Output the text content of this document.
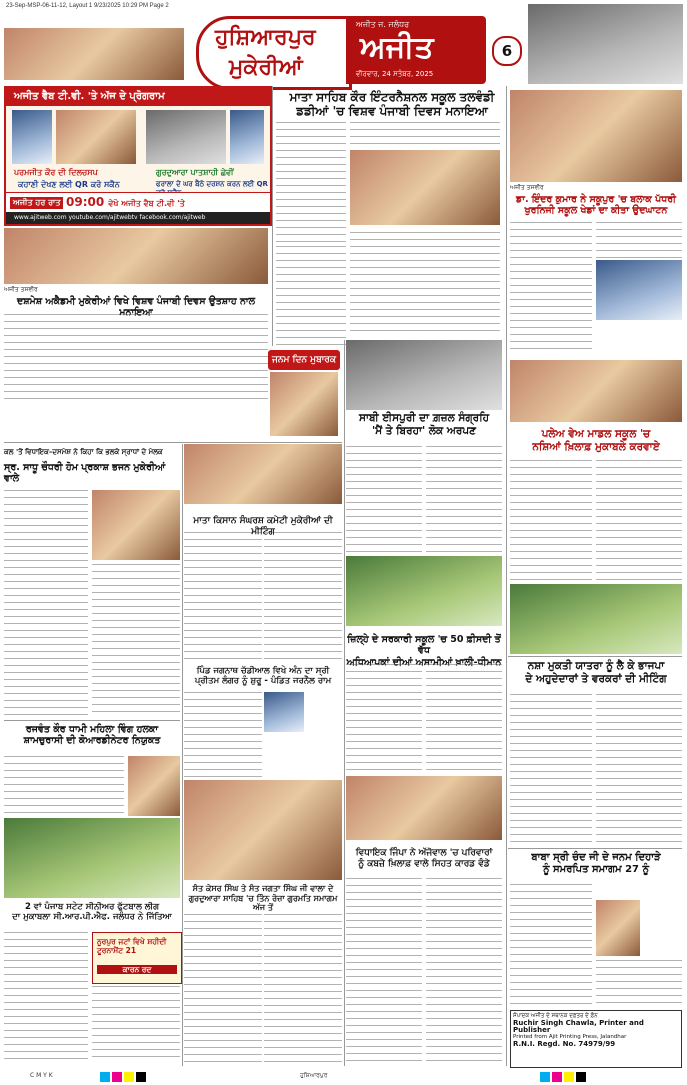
23-Sep-MSP-06-11-12, Layout 1 9/23/2025 10:29 PM Page 2
ਹੁਸ਼ਿਆਰਪੁਰ
ਮੁਕੇਰੀਆਂ
ਅਜੀਤ ਜ. ਜਲੰਧਰ
ਅਜੀਤ
ਵੀਰਵਾਰ, 24 ਸਤੰਬਰ, 2025
6
ਅਜੀਤ ਵੈਬ ਟੀ.ਵੀ. 'ਤੇ ਅੱਜ ਦੇ ਪ੍ਰੋਗਰਾਮ
ਪਰਮਜੀਤ ਕੌਰ ਦੀ ਦਿਲਚਸਪ
ਕਹਾਣੀ ਦੇਖਣ ਲਈ QR ਕਰੋ ਸਕੈਨ
ਗੁਰਦੁਆਰਾ ਪਾਤਸ਼ਾਹੀ ਛੇਵੀਂ
ਫਰਾਲਾ ਦੇ ਘਰ ਬੈਠੇ ਦਰਸ਼ਨ ਕਰਨ ਲਈ QR
ਅਜੀਤ ਹਰ ਰਾਤ 09:00 ਵੇਖੋ ਅਜੀਤ ਵੈਬ ਟੀ.ਵੀ 'ਤੇ
www.ajitweb.com youtube.com/ajitwebtv facebook.com/ajitweb
ਮਾਤਾ ਸਾਹਿਬ ਕੌਰ ਇੰਟਰਨੈਸ਼ਨਲ ਸਕੂਲ ਤਲਵੰਡੀ
ਡਡੀਆਂ 'ਚ ਵਿਸ਼ਵ ਪੰਜਾਬੀ ਦਿਵਸ ਮਨਾਇਆ
ਅਜੀਤ ਤਸਵੀਰ
ਡਾ. ਇੰਦਰ ਕੁਮਾਰ ਨੇ ਸਕੂਪੁਰ 'ਚ ਬਲਾਕ ਪੱਧਰੀ ਖੁਰਨਿਜੀ ਸਕੂਲ ਖੇਡਾਂ ਦਾ ਕੀਤਾ ਉਦਘਾਟਨ
ਪਲੇਅ ਵੇਅ ਮਾਡਲ ਸਕੂਲ 'ਚ
ਨਸ਼ਿਆਂ ਖ਼ਿਲਾਫ਼ ਮੁਕਾਬਲੇ ਕਰਵਾਏ
ਅਜੀਤ ਤਸਵੀਰ
ਦਸ਼ਮੇਸ਼ ਅਕੈਡਮੀ ਮੁਕੇਰੀਆਂ ਵਿਖੇ ਵਿਸ਼ਵ ਪੰਜਾਬੀ ਦਿਵਸ ਉਤਸ਼ਾਹ ਨਾਲ ਮਨਾਇਆ
ਜਨਮ ਦਿਨ ਮੁਬਾਰਕ
ਸਾਬੀ ਈਸਪੁਰੀ ਦਾ ਗ਼ਜ਼ਲ ਸੰਗ੍ਰਹਿ
'ਮੈਂ ਤੇ ਬਿਰਹਾ' ਲੋਕ ਅਰਪਣ
ਕਲ 'ਤੋਂ ਵਿਧਾਇਕ–ਦਸਮੇਸ਼ ਨੇ ਕਿਹਾ ਕਿ ਭਲਕੇ ਸ੍ਰਾਧਾਂ ਦੇ ਮੇਲਕ
ਸ੍ਰ. ਸਾਧੂ ਚੌਧਰੀ ਹੋਮ ਪ੍ਰਕਾਸ਼ ਭਜਨ ਮੁਕੇਰੀਆਂ ਵਾਲੇ
ਮਾਤਾ ਕਿਸਾਨ ਸੰਘਰਸ਼ ਕਮੇਟੀ ਮੁਕੇਰੀਆਂ ਦੀ ਮੀਟਿੰਗ
ਪਿੰਡ ਜਗਨਾਥ ਚੱਡੀਆਲ ਵਿਖੇ ਅੰਨ ਦਾ ਸ੍ਰੀ ਪ੍ਰੀਤਮ ਲੰਗਰ ਨੂੰ ਸ਼ੁਰੂ - ਪੰਡਿਤ ਜਰਨੈਲ ਰਾਮ
ਜ਼ਿਲ੍ਹੇ ਦੇ ਸਰਕਾਰੀ ਸਕੂਲ 'ਚ 50 ਫ਼ੀਸਦੀ ਤੋਂ ਵੱਧ
ਅਧਿਆਪਕਾਂ ਦੀਆਂ ਅਸਾਮੀਆਂ ਖ਼ਾਲੀ-ਧੀਮਾਨ	ਨਸ਼ਾ ਮੁਕਤੀ ਯਾਤਰਾ ਨੂੰ ਲੈ ਕੇ ਭਾਜਪਾ
ਦੇ ਅਹੁਦੇਦਾਰਾਂ ਤੇ ਵਰਕਰਾਂ ਦੀ ਮੀਟਿੰਗ
ਰਜਵੰਤ ਕੌਰ ਧਾਮੀ ਮਹਿਲਾ ਵਿੰਗ ਹਲਕਾ
ਸ਼ਾਮਚੁਰਾਸੀ ਦੀ ਕੋਆਰਡੀਨੇਟਰ ਨਿਯੁਕਤ
2 ਵਾਂ ਪੰਜਾਬ ਸਟੇਟ ਸੀਨੀਅਰ ਫੁੱਟਬਾਲ ਲੀਗ
ਦਾ ਮੁਕਾਬਲਾ ਸੀ.ਆਰ.ਪੀ.ਐਫ. ਜਲੰਧਰ ਨੇ ਜਿੱਤਿਆ
ਨੂਰਪੁਰ ਜਟਾਂ ਵਿਖੇ ਸ਼ਹੀਦੀ ਟੂਰਨਾਮੈਂਟ 21
ਕਾਰਨ ਰਦ
ਸੰਤ ਕੇਸਰ ਸਿੰਘ ਤੇ ਸੰਤ ਜਗਤਾ ਸਿੰਘ ਜੀ ਵਾਲਾ ਦੇ ਗੁਰਦੁਆਰਾ ਸਾਹਿਬ 'ਚ ਤਿੰਨ ਰੋਜ਼ਾ ਗੁਰਮਤਿ ਸਮਾਗਮ ਅੱਜ ਤੋਂ
ਵਿਧਾਇਕ ਜਿੰਪਾ ਨੇ ਅੱਜੋਵਾਲ 'ਚ ਪਰਿਵਾਰਾਂ
ਨੂੰ ਕਬਜ਼ੇ ਖ਼ਿਲਾਫ਼ ਵਾਲੇ ਸਿਹਤ ਕਾਰਡ ਵੰਡੇ
ਬਾਬਾ ਸ੍ਰੀ ਚੰਦ ਜੀ ਦੇ ਜਨਮ ਦਿਹਾੜੇ
ਨੂੰ ਸਮਰਪਿਤ ਸਮਾਗਮ 27 ਨੂੰ
ਸੰਪਾਦਕ ਅਜੀਤ ਦੇ ਸਥਾਨਕ ਦਫ਼ਤਰ ਦੇ ਫ਼ੋਨ
Ruchir Singh Chawla, Printer and Publisher
Printed from Ajit Printing Press, Jalandhar
R.N.I. Regd. No. 74979/99
C M Y K	ਹੁਸ਼ਿਆਰਪੁਰ
